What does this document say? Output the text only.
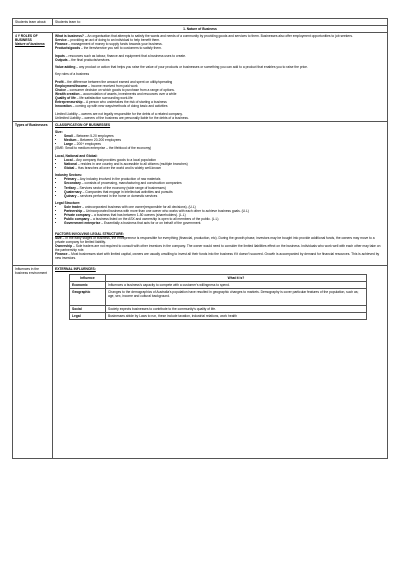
Students learn about:	Students learn to:
1. Nature of Business

4 Y ROLES OF BUSINESS

Nature of business

What is business? – An organisation that attempts to satisfy the wants and needs of a community by providing goods and services to them. Businesses also offer employment opportunities to job seekers.

Service – providing an act of doing to an individual to help benefit them.

Finance – management of money to supply funds towards your business.

Products/goods – the item/service you sell to customers to satisfy them.

Inputs – resources such as labour, finance and equipment that a business uses to create.

Outputs – the final products/services.

Value adding – any product or action that helps you raise the value of your products or businesses or something you can add to a product that enables you to raise the price.

Key roles of a business

Profit – the difference between the amount earned and spent on utility/operating

Employment/Income – Income received from paid work

Choice – consumer decision on which goods to purchase from a range of options.

Wealth creation – accumulation of assets, investments and resources over a while

Quality of life – life satisfaction surrounding work-life

Entrepreneurship – A person who undertakes the risk of starting a business

Innovation – coming up with new ways/methods of doing basic and activities

Limited Liability – owners are not legally responsible for the debts of a related company.

Unlimited Liability – owners of the business are personally liable for the debts of a business.

Types of Businesses	CLASSIFICATION OF BUSINESSES

Size:

• Small – Between 5-20 employees
• Medium – Between 20-200 employees
• Large – 200+ employees

(SME: Small to medium enterprise – the lifeblood of the economy)

Local, National and Global:

• Local – Any company that provides goods to a local population
• National – resides in one country and is accessible to all citizens (multiple branches)
• Global – Has branches all over the world and is widely well-known

Industry Sectors:

• Primary – Any industry involved in the production of raw materials
• Secondary – consists of processing, manufacturing and construction companies
• Tertiary – Services sector of the economy (wide range of businesses)
• Quaternary – Companies that engage in intellectual activities and pursuits
• Quinary – services performed in the home or domestic services

Legal Structure:

• Sole trader – unincorporated business with one owner(responsible for all decisions). (U.L)
• Partnership – Unincorporated business with more than one owner who works with each other to achieve business goals. (U.L)
• Private company – a business that has between 1-50 owners (shareholders). (L.L)
• Public company – a business listed on the ASX and ownership is open to all members of the public. (L.L)
• Government enterprise – Essentially a business that acts for or on behalf of the government.

FACTORS INVOLVING LEGAL STRUCTURE:

Size – In the early stages of business, the entrepreneur is responsible for everything (financial, production, etc). During the growth phase, investors may be bought into provide additional funds, the owners may move to a private company for limited liability.

Ownership – Sole traders are not required to consult with other investors in the company. The owner would need to consider the limited liabilities effect on the business. Individuals who work well with each other may take on the partnership role.

Finance – Most businesses start with limited capital, owners are usually unwilling to invest all their funds into the business if it doesn't succeed. Growth is accompanied by demand for financial resources. This is achieved by new investors.

Influences in the business environment

EXTERNAL INFLUENCES:

Influence	What it is?
Economic	Influences a business's capacity to compete with a customer's willingness to spend.
Geographic	Changes to the demographics of Australia's population have resulted in geographic changes to markets. Demography is cover particular features of the population, such as; age, sex, income and cultural background.
Social	Society expects businesses to contribute to the community's quality of life.
Legal	Businesses abide by Laws to run, these include taxation, industrial relations, work health
